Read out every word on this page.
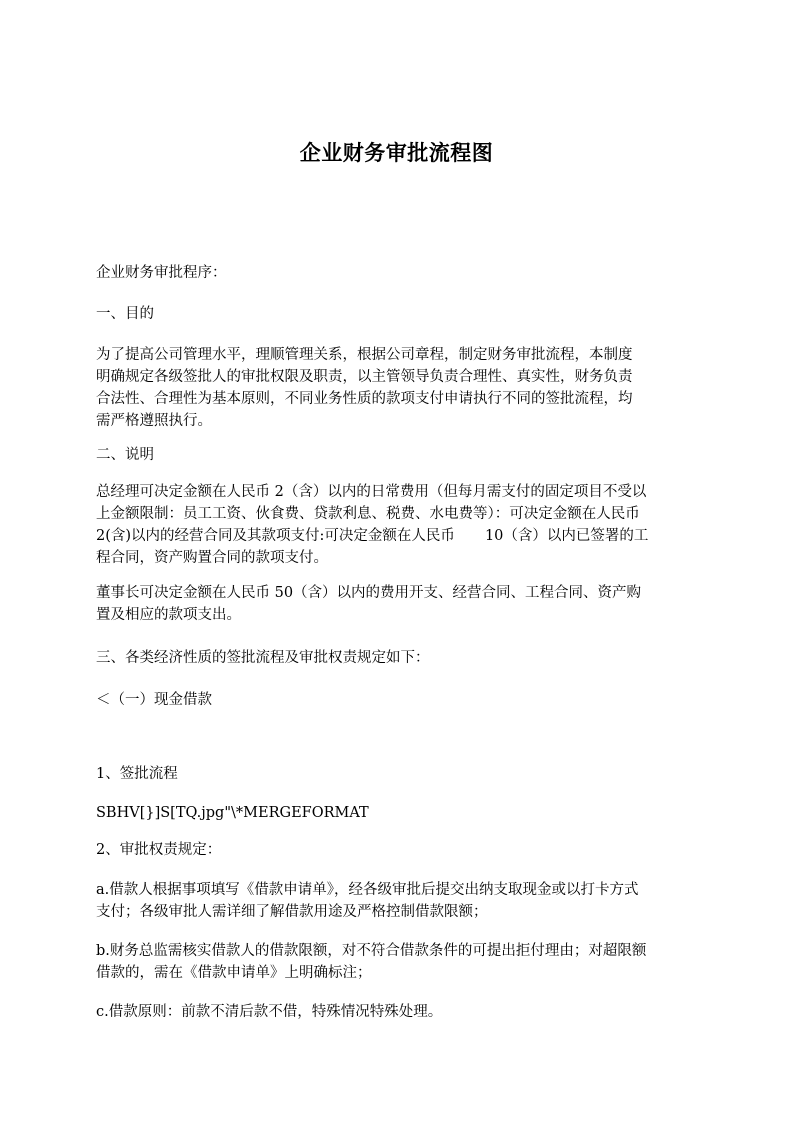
企业财务审批流程图
企业财务审批程序：
一、目的
为了提高公司管理水平，理顺管理关系，根据公司章程，制定财务审批流程，本制度
明确规定各级签批人的审批权限及职责，以主管领导负责合理性、真实性，财务负责
合法性、合理性为基本原则，不同业务性质的款项支付申请执行不同的签批流程，均
需严格遵照执行。
二、说明
总经理可决定金额在人民币 2（含）以内的日常费用（但每月需支付的固定项目不受以
上金额限制：员工工资、伙食费、贷款利息、税费、水电费等）：可决定金额在人民币
2(含)以内的经营合同及其款项支付:可决定金额在人民币 10（含）以内已签署的工
程合同，资产购置合同的款项支付。
董事长可决定金额在人民币 50（含）以内的费用开支、经营合同、工程合同、资产购
置及相应的款项支出。
三、各类经济性质的签批流程及审批权责规定如下：
＜（一）现金借款
1、签批流程
SBHV[}]S[TQ.jpg"\*MERGEFORMAT
2、审批权责规定：
a.借款人根据事项填写《借款申请单》，经各级审批后提交出纳支取现金或以打卡方式
支付；各级审批人需详细了解借款用途及严格控制借款限额；
b.财务总监需核实借款人的借款限额，对不符合借款条件的可提出拒付理由；对超限额
借款的，需在《借款申请单》上明确标注；
c.借款原则：前款不清后款不借，特殊情况特殊处理。
